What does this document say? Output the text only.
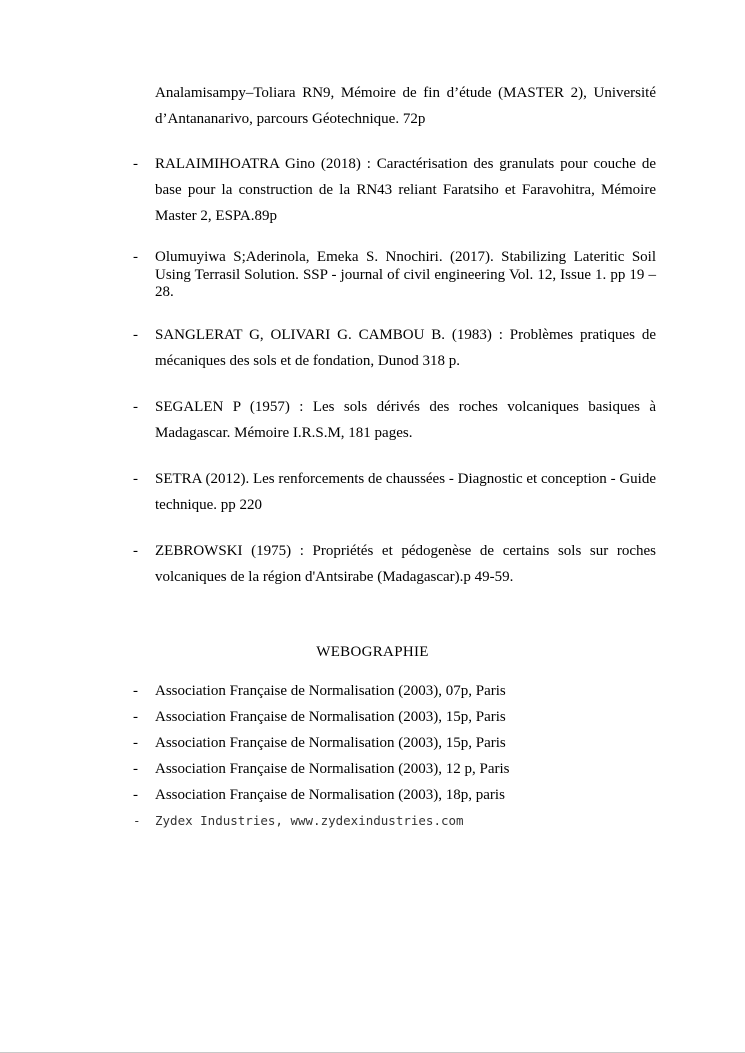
Analamisampy–Toliara RN9, Mémoire de fin d’étude (MASTER 2), Université d’Antananarivo, parcours Géotechnique. 72p

-	RALAIMIHOATRA Gino (2018) : Caractérisation des granulats pour couche de base pour la construction de la RN43 reliant Faratsiho et Faravohitra, Mémoire Master 2, ESPA.89p

-	Olumuyiwa S;Aderinola, Emeka S. Nnochiri. (2017). Stabilizing Lateritic Soil Using Terrasil Solution. SSP - journal of civil engineering Vol. 12, Issue 1. pp 19 – 28.

-	SANGLERAT G, OLIVARI G. CAMBOU B. (1983) : Problèmes pratiques de mécaniques des sols et de fondation, Dunod 318 p.

-	SEGALEN P (1957) : Les sols dérivés des roches volcaniques basiques à Madagascar. Mémoire I.R.S.M, 181 pages.

-	SETRA (2012). Les renforcements de chaussées - Diagnostic et conception - Guide technique. pp 220

-	ZEBROWSKI (1975) : Propriétés et pédogenèse de certains sols sur roches volcaniques de la région d'Antsirabe (Madagascar).p 49-59.

WEBOGRAPHIE
-	Association Française de Normalisation (2003), 07p, Paris

-	Association Française de Normalisation (2003), 15p, Paris

-	Association Française de Normalisation (2003), 15p, Paris

-	Association Française de Normalisation (2003), 12 p, Paris

-	Association Française de Normalisation (2003), 18p, paris

-	Zydex Industries, www.zydexindustries.com
